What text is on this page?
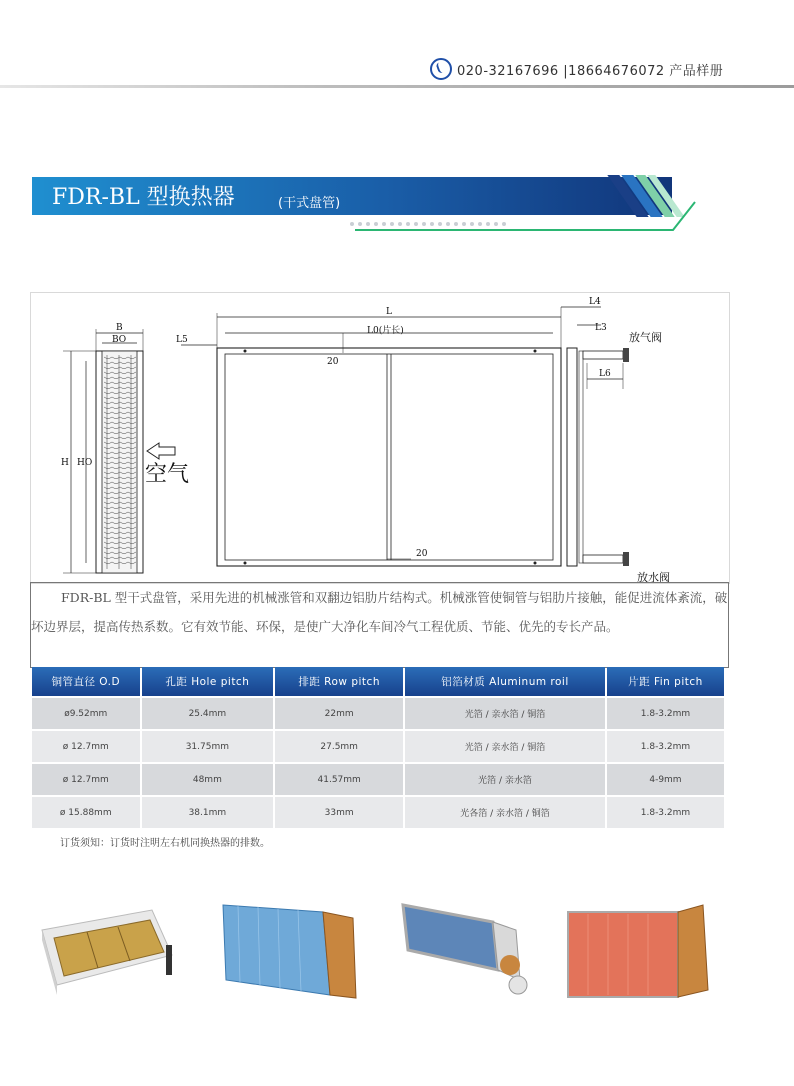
020-32167696 |18664676072 产品样册
FDR-BL 型换热器	(干式盘管)
B
BO
H HO
L
L0(片长)
L5
L4
L3
L6
20
20
放气阀
放水阀
空气

FDR-BL 型干式盘管，采用先进的机械涨管和双翻边铝肋片结构式。机械涨管使铜管与铝肋片接触，能促进流体紊流，破坏边界层，提高传热系数。它有效节能、环保，是使广大净化车间冷气工程优质、节能、优先的专长产品。

铜管直径 O.D	孔距 Hole pitch	排距 Row pitch	铝箔材质 Aluminum roil	片距 Fin pitch
ø9.52mm	25.4mm	22mm	光箔 / 亲水箔 / 铜箔	1.8-3.2mm
ø 12.7mm	31.75mm	27.5mm	光箔 / 亲水箔 / 铜箔	1.8-3.2mm
ø 12.7mm	48mm	41.57mm	光箔 / 亲水箔	4-9mm
ø 15.88mm	38.1mm	33mm	光各箔 / 亲水箔 / 铜箔	1.8-3.2mm
订货须知：订货时注明左右机同换热器的排数。
